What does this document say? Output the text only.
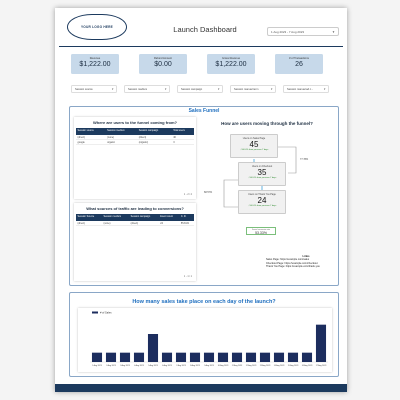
YOUR LOGO HERE	Launch Dashboard	1 Aug 2023 - 7 Aug 2023	▼
Revenue
$1,222.00
Refund Amount
$0.00
Gross Revenue
$1,222.00
# of Transactions
26
Session source	▼	Session medium	▼	Session campaign	▼	Session manual term	▼	Session manual ad c...	▼
Sales Funnel
Where are users to the funnel coming from?
Session source	Session medium	Session campaign	Total users
(direct)	(none)	(direct)	40
google	organic	(organic)	3
1 - 2 / 2
What sources of traffic are leading to conversions?
Session Source	Session medium	Session campaign	Event count	C. R.
(direct)	(none)	(direct)	24	55.81%
1 - 1 / 1
How are users moving through the funnel?
Users on Sales Page
45
↑ 100.0% from previous 7 days
Users on Checkout
35
↑ 100.0% from previous 7 days
Users on Thank You Page
24
↑ 100.0% from previous 7 days
77.78%
68.57%
Funnel conversion rate
53.33%
Links
Sales Page: https://example.com/sales
Checkout Page: https://example.com/checkout
Thank You Page: https://example.com/thank-you
How many sales take place on each day of the launch?
# of Sales
1 Aug 2023 2 Aug 2023 3 Aug 2023 4 Aug 2023 5 Aug 2023 6 Aug 2023 7 Aug 2023 8 Aug 2023 9 Aug 2023 10 Aug 2023 11 Aug 2023 12 Aug 2023 13 Aug 2023 14 Aug 2023 15 Aug 2023 16 Aug 2023 17 Aug 2023
